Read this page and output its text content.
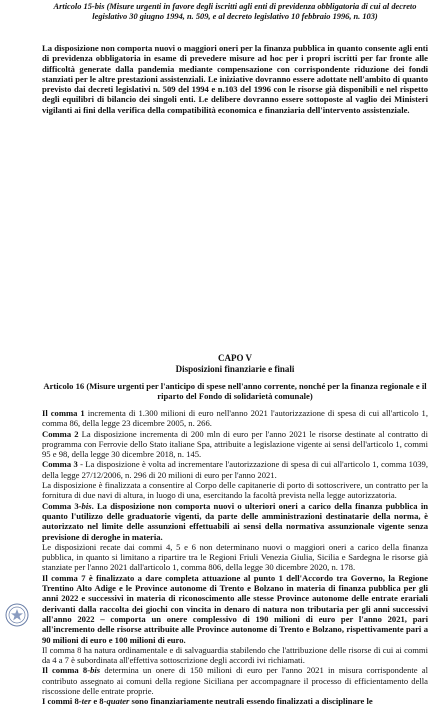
Articolo 15-bis (Misure urgenti in favore degli iscritti agli enti di previdenza obbligatoria di cui al decreto legislativo 30 giugno 1994, n. 509, e al decreto legislativo 10 febbraio 1996, n. 103)
La disposizione non comporta nuovi o maggiori oneri per la finanza pubblica in quanto consente agli enti di previdenza obbligatoria in esame di prevedere misure ad hoc per i propri iscritti per far fronte alle difficoltà generate dalla pandemia mediante compensazione con corrispondente riduzione dei fondi stanziati per le altre prestazioni assistenziali. Le iniziative dovranno essere adottate nell'ambito di quanto previsto dai decreti legislativi n. 509 del 1994 e n.103 del 1996 con le risorse già disponibili e nel rispetto degli equilibri di bilancio dei singoli enti. Le delibere dovranno essere sottoposte al vaglio dei Ministeri vigilanti ai fini della verifica della compatibilità economica e finanziaria dell'intervento assistenziale.
CAPO V
Disposizioni finanziarie e finali
Articolo 16 (Misure urgenti per l'anticipo di spese nell'anno corrente, nonché per la finanza regionale e il riparto del Fondo di solidarietà comunale)

Il comma 1 incrementa di 1.300 milioni di euro nell'anno 2021 l'autorizzazione di spesa di cui all'articolo 1, comma 86, della legge 23 dicembre 2005, n. 266.

Comma 2 La disposizione incrementa di 200 mln di euro per l'anno 2021 le risorse destinate al contratto di programma con Ferrovie dello Stato italiane Spa, attribuite a legislazione vigente ai sensi dell'articolo 1, commi 95 e 98, della legge 30 dicembre 2018, n. 145.

Comma 3 - La disposizione è volta ad incrementare l'autorizzazione di spesa di cui all'articolo 1, comma 1039, della legge 27/12/2006, n. 296 di 20 milioni di euro per l'anno 2021.

La disposizione è finalizzata a consentire al Corpo delle capitanerie di porto di sottoscrivere, un contratto per la fornitura di due navi di altura, in luogo di una, esercitando la facoltà prevista nella legge autorizzatoria.

Comma 3-bis. La disposizione non comporta nuovi o ulteriori oneri a carico della finanza pubblica in quanto l'utilizzo delle graduatorie vigenti, da parte delle amministrazioni destinatarie della norma, è autorizzato nel limite delle assunzioni effettuabili ai sensi della normativa assunzionale vigente senza previsione di deroghe in materia.

Le disposizioni recate dai commi 4, 5 e 6 non determinano nuovi o maggiori oneri a carico della finanza pubblica, in quanto si limitano a ripartire tra le Regioni Friuli Venezia Giulia, Sicilia e Sardegna le risorse già stanziate per l'anno 2021 dall'articolo 1, comma 806, della legge 30 dicembre 2020, n. 178.

Il comma 7 è finalizzato a dare completa attuazione al punto 1 dell'Accordo tra Governo, la Regione Trentino Alto Adige e le Province autonome di Trento e Bolzano in materia di finanza pubblica per gli anni 2022 e successivi in materia di riconoscimento alle stesse Province autonome delle entrate erariali derivanti dalla raccolta dei giochi con vincita in denaro di natura non tributaria per gli anni successivi all'anno 2022 – comporta un onere complessivo di 190 milioni di euro per l'anno 2021, pari all'incremento delle risorse attribuite alle Province autonome di Trento e Bolzano, rispettivamente pari a 90 milioni di euro e 100 milioni di euro.

Il comma 8 ha natura ordinamentale e di salvaguardia stabilendo che l'attribuzione delle risorse di cui ai commi da 4 a 7 è subordinata all'effettiva sottoscrizione degli accordi ivi richiamati.

Il comma 8-bis determina un onere di 150 milioni di euro per l'anno 2021 in misura corrispondente al contributo assegnato ai comuni della regione Siciliana per accompagnare il processo di efficientamento della riscossione delle entrate proprie.

I commi 8-ter e 8-quater sono finanziariamente neutrali essendo finalizzati a disciplinare le
